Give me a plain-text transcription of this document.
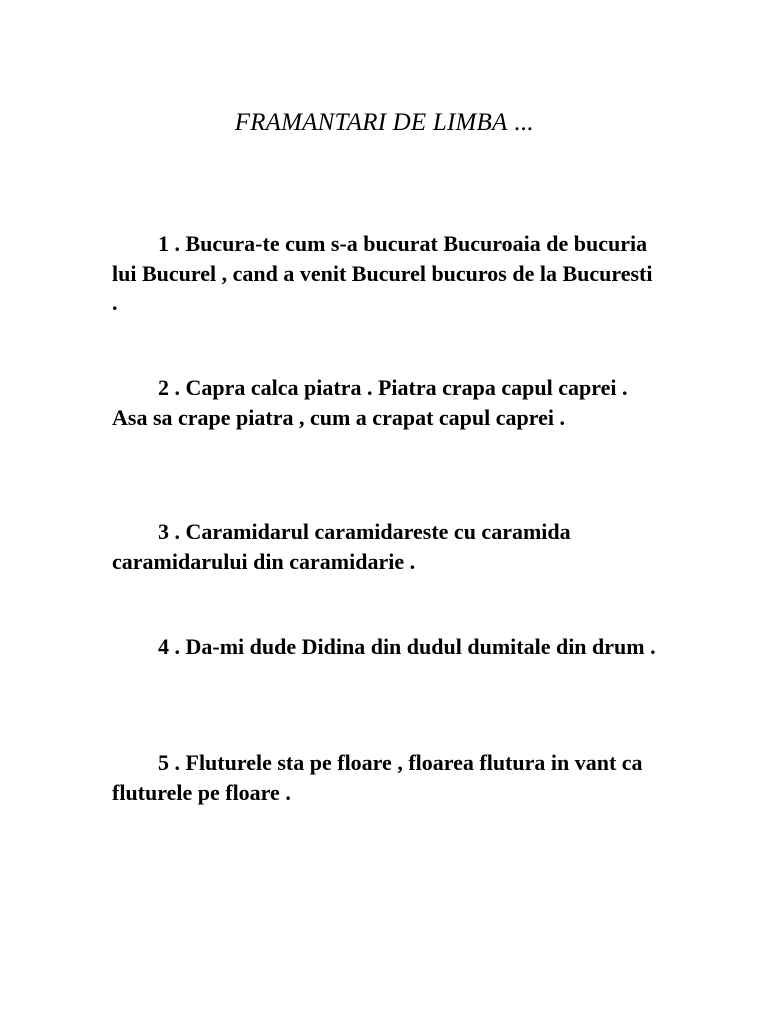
FRAMANTARI DE LIMBA ...

1 . Bucura-te cum s-a bucurat Bucuroaia de bucuria lui Bucurel , cand a venit Bucurel bucuros de la Bucuresti .

2 . Capra calca piatra . Piatra crapa capul caprei . Asa sa crape piatra , cum a crapat capul caprei .

3 . Caramidarul caramidareste cu caramida caramidarului din caramidarie .

4 . Da-mi dude Didina din dudul dumitale din drum .

5 . Fluturele sta pe floare , floarea flutura in vant ca fluturele pe floare .
